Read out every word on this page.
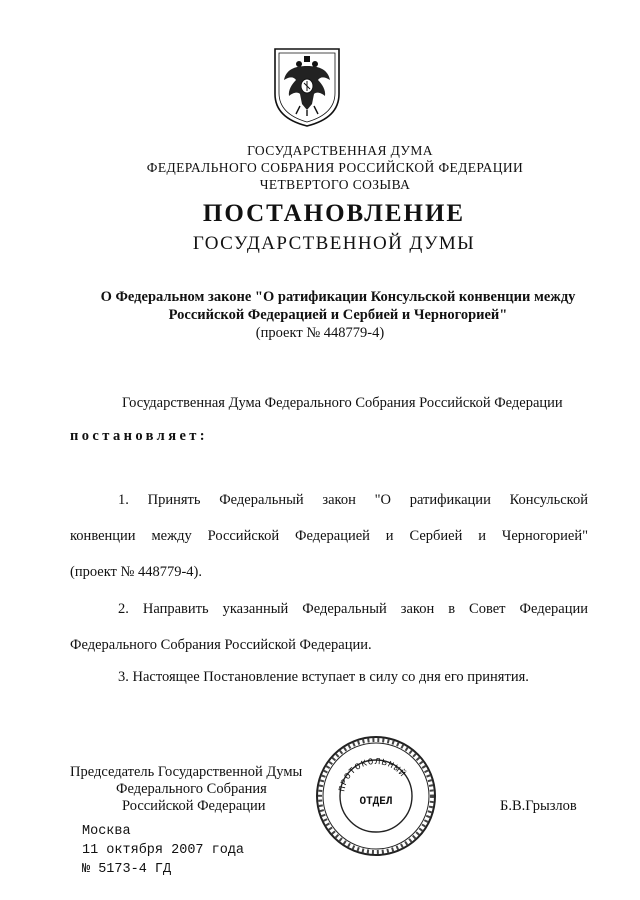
ГОСУДАРСТВЕННАЯ ДУМА
ФЕДЕРАЛЬНОГО СОБРАНИЯ РОССИЙСКОЙ ФЕДЕРАЦИИ
ЧЕТВЕРТОГО СОЗЫВА
ПОСТАНОВЛЕНИЕ
ГОСУДАРСТВЕННОЙ ДУМЫ
О Федеральном законе "О ратификации Консульской конвенции между
Российской Федерацией и Сербией и Черногорией"
(проект № 448779-4)
Государственная Дума Федерального Собрания Российской Федерации
постановляет:
1. Принять Федеральный закон "О ратификации Консульской
конвенции между Российской Федерацией и Сербией и Черногорией"
(проект № 448779-4).
2. Направить указанный Федеральный закон в Совет Федерации
Федерального Собрания Российской Федерации.
3. Настоящее Постановление вступает в силу со дня его принятия.
ПРОТОКОЛЬНЫЙ
ОТДЕЛ
Председатель Государственной Думы
Федерального Собрания
Российской Федерации	Б.В.Грызлов
Москва
11 октября 2007 года
№ 5173-4 ГД
